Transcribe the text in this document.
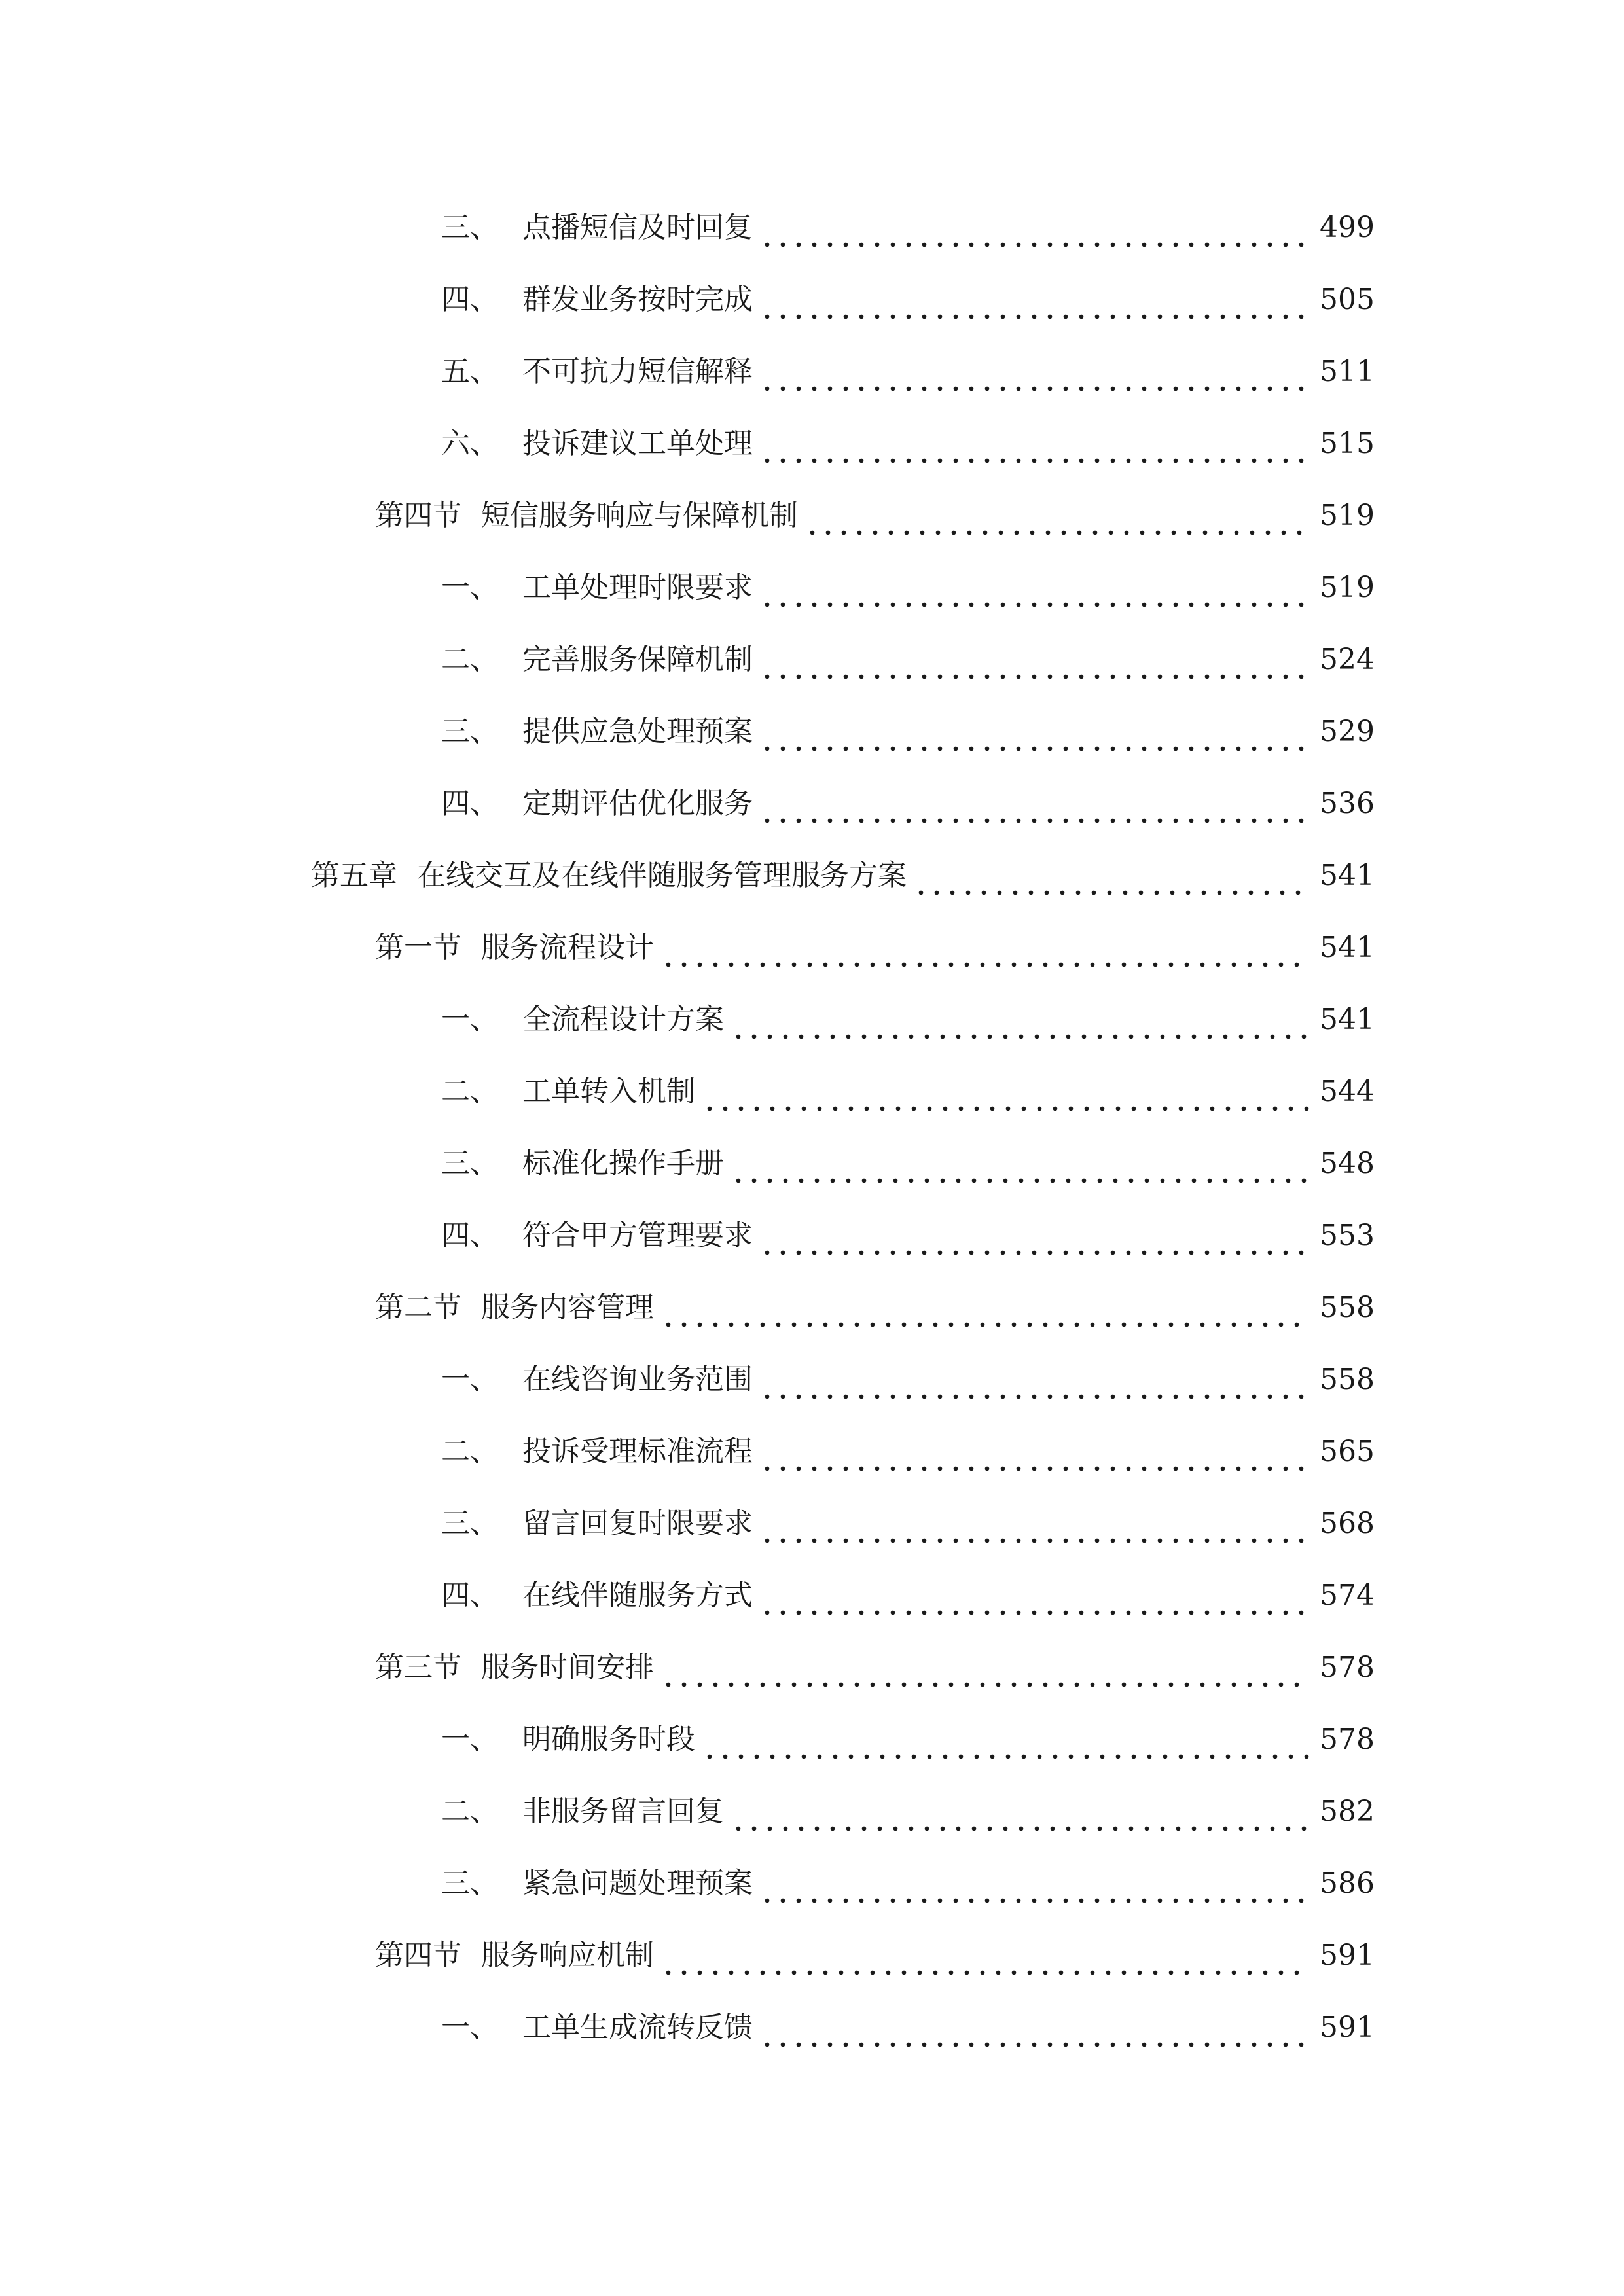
三、 点播短信及时回复	499
四、 群发业务按时完成	505
五、 不可抗力短信解释	511
六、 投诉建议工单处理	515
第四节 短信服务响应与保障机制	519
一、 工单处理时限要求	519
二、 完善服务保障机制	524
三、 提供应急处理预案	529
四、 定期评估优化服务	536
第五章 在线交互及在线伴随服务管理服务方案	541
第一节 服务流程设计	541
一、 全流程设计方案	541
二、 工单转入机制	544
三、 标准化操作手册	548
四、 符合甲方管理要求	553
第二节 服务内容管理	558
一、 在线咨询业务范围	558
二、 投诉受理标准流程	565
三、 留言回复时限要求	568
四、 在线伴随服务方式	574
第三节 服务时间安排	578
一、 明确服务时段	578
二、 非服务留言回复	582
三、 紧急问题处理预案	586
第四节 服务响应机制	591
一、 工单生成流转反馈	591
